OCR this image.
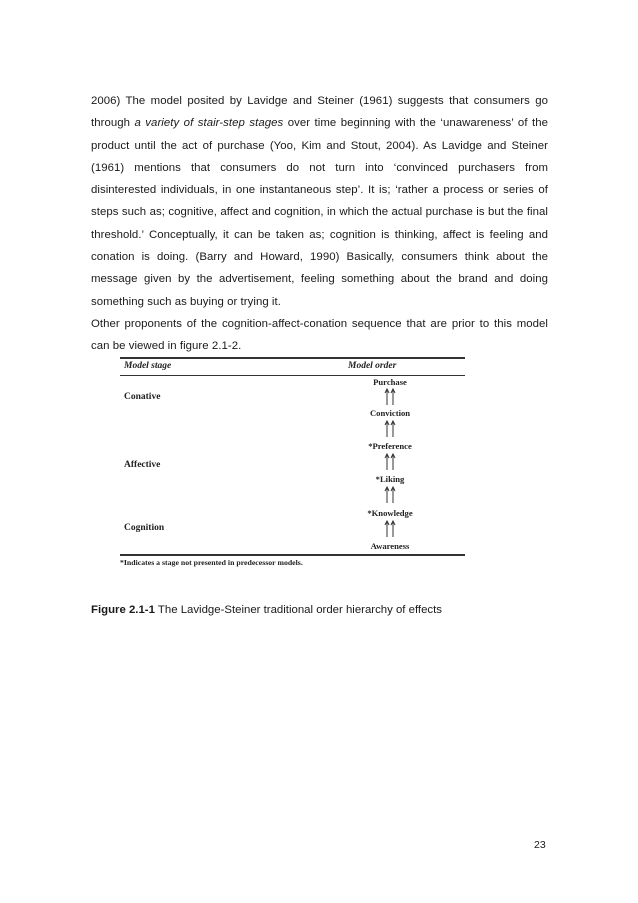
2006) The model posited by Lavidge and Steiner (1961) suggests that consumers go through a variety of stair-step stages over time beginning with the ‘unawareness’ of the product until the act of purchase (Yoo, Kim and Stout, 2004). As Lavidge and Steiner (1961) mentions that consumers do not turn into ‘convinced purchasers from disinterested individuals, in one instantaneous step’. It is; ‘rather a process or series of steps such as; cognitive, affect and cognition, in which the actual purchase is but the final threshold.’ Conceptually, it can be taken as; cognition is thinking, affect is feeling and conation is doing. (Barry and Howard, 1990) Basically, consumers think about the message given by the advertisement, feeling something about the brand and doing something such as buying or trying it.

Other proponents of the cognition-affect-conation sequence that are prior to this model can be viewed in figure 2.1-2.

Model stage	Model order
Conative
Affective
Cognition
Purchase
Conviction
*Preference
*Liking
*Knowledge
Awareness
*Indicates a stage not presented in predecessor models.
Figure 2.1-1 The Lavidge-Steiner traditional order hierarchy of effects
23
